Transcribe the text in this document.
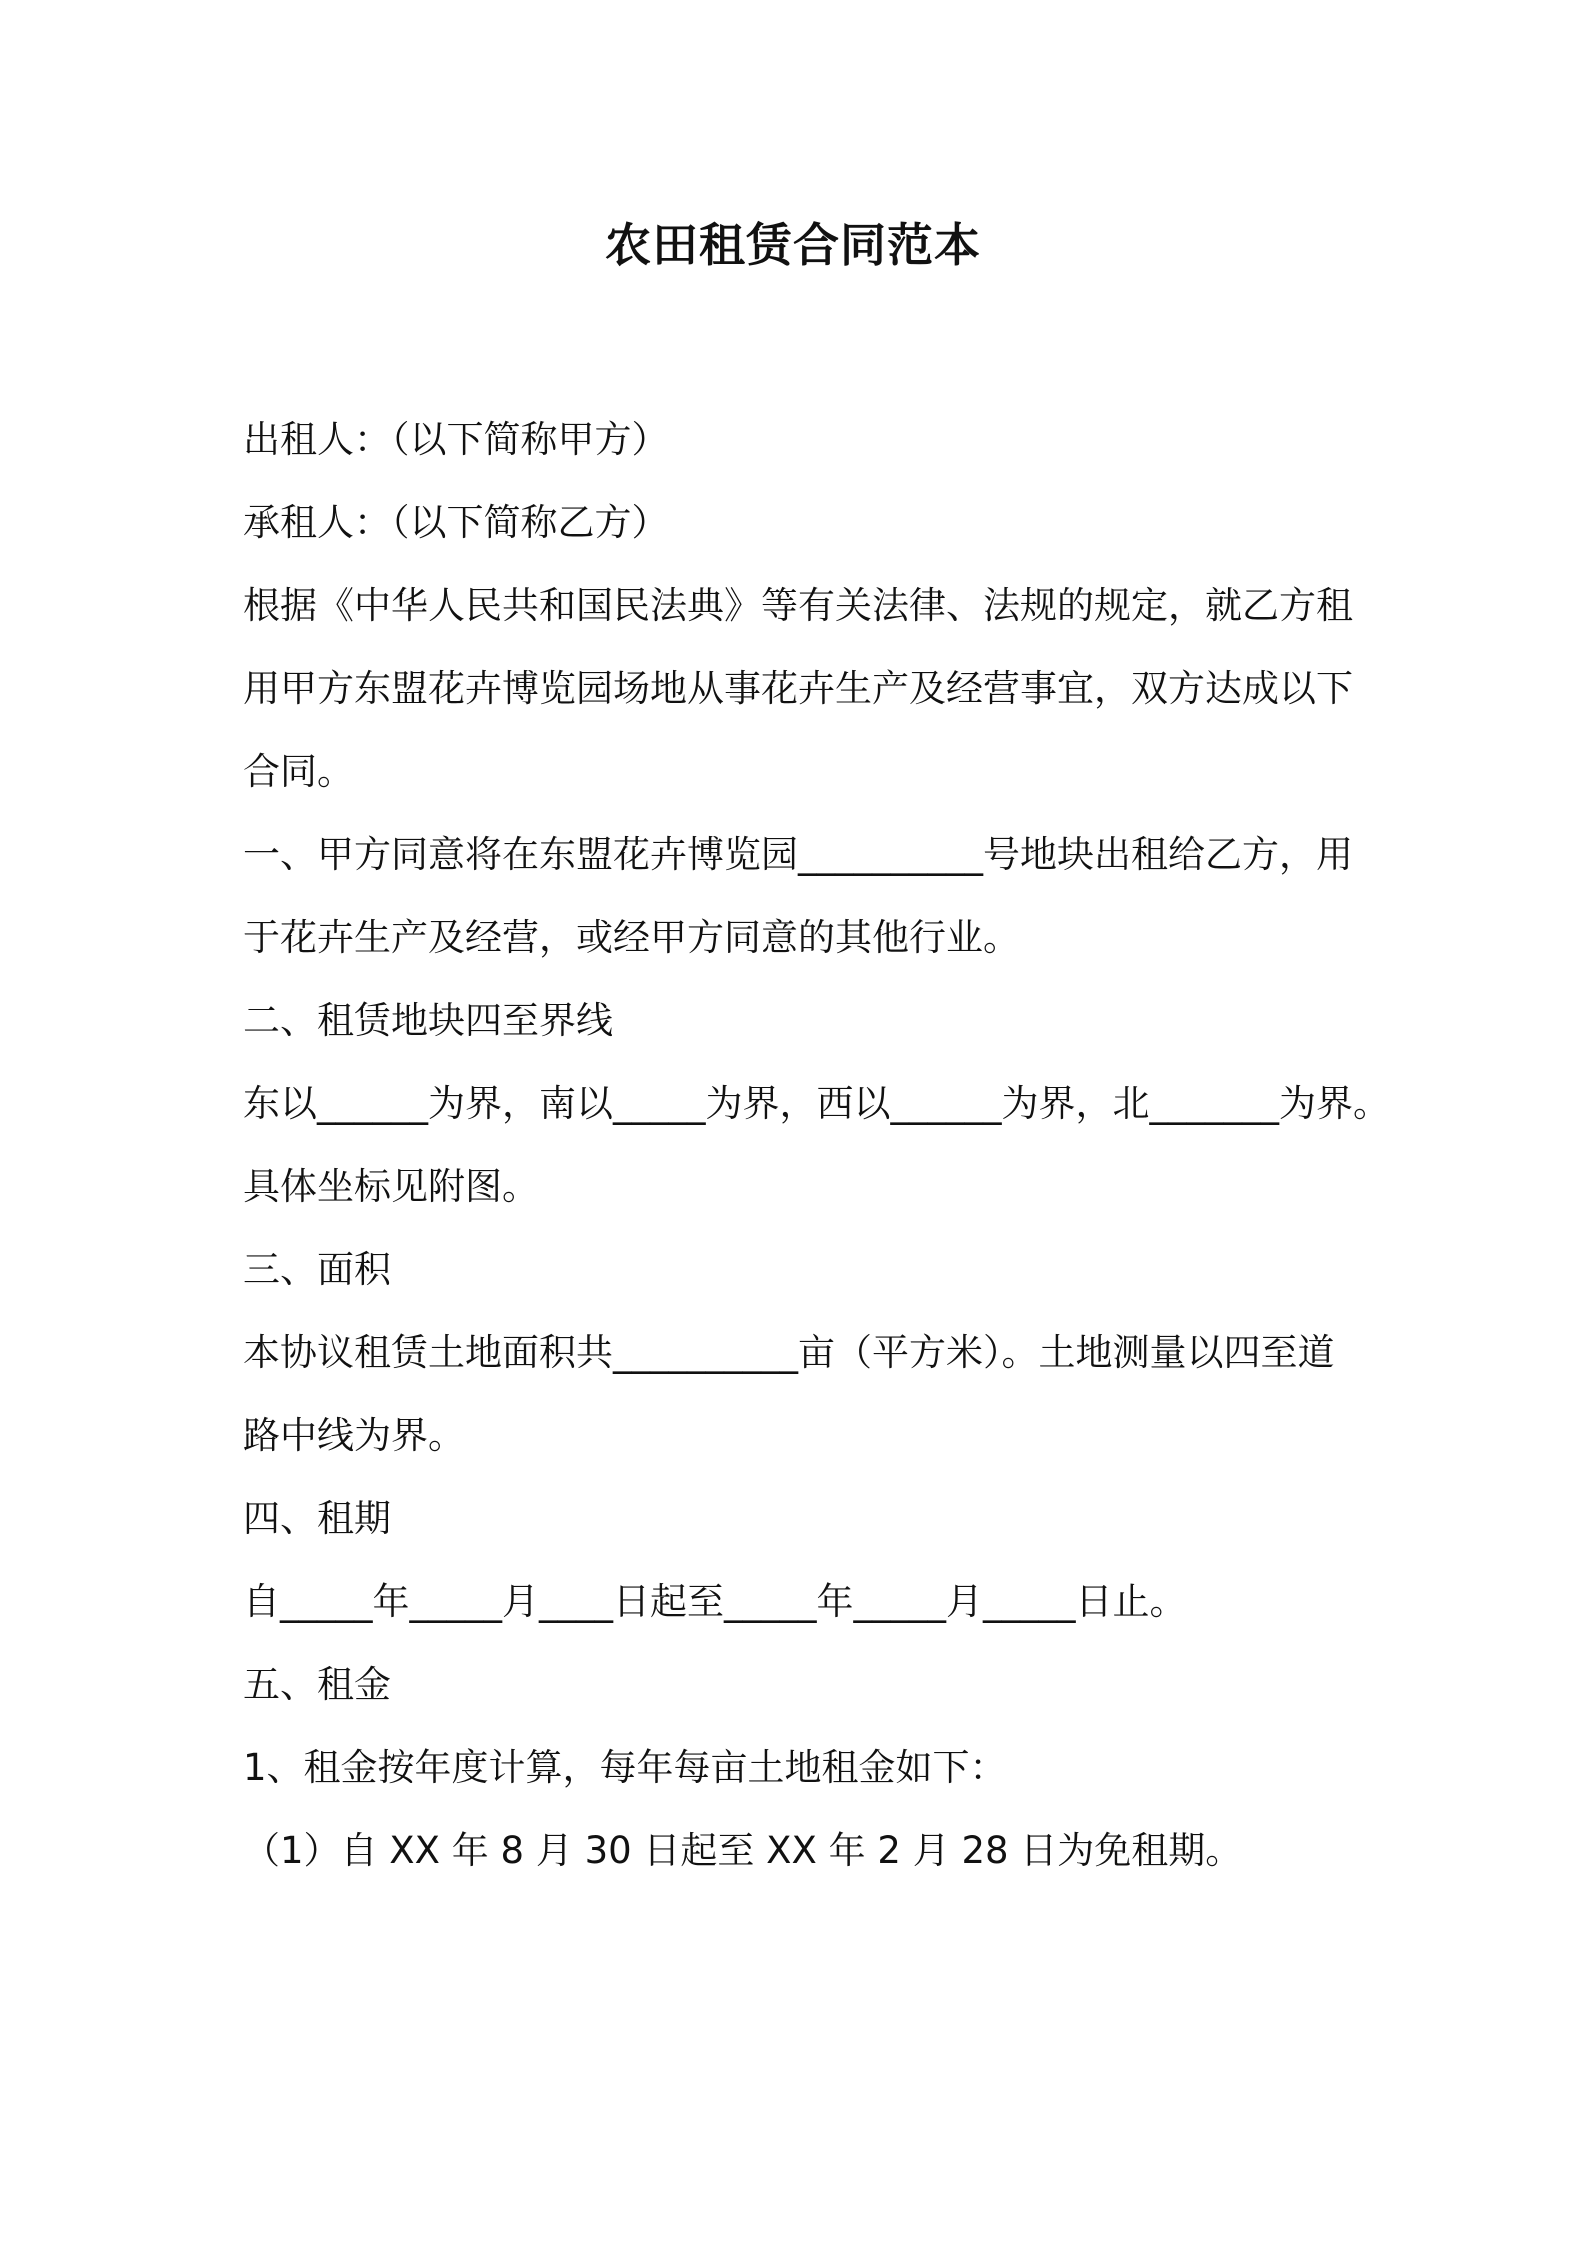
农田租赁合同范本
出租人：（以下简称甲方）
承租人：（以下简称乙方）
根据《中华人民共和国民法典》等有关法律、法规的规定，就乙方租
用甲方东盟花卉博览园场地从事花卉生产及经营事宜，双方达成以下
合同。
一、甲方同意将在东盟花卉博览园__________号地块出租给乙方，用
于花卉生产及经营，或经甲方同意的其他行业。
二、租赁地块四至界线
东以______为界，南以_____为界，西以______为界，北_______为界。
具体坐标见附图。
三、面积
本协议租赁土地面积共__________亩（平方米）。土地测量以四至道
路中线为界。
四、租期
自_____年_____月____日起至_____年_____月_____日止。
五、租金
1、租金按年度计算，每年每亩土地租金如下：
（1）自 XX 年 8 月 30 日起至 XX 年 2 月 28 日为免租期。
